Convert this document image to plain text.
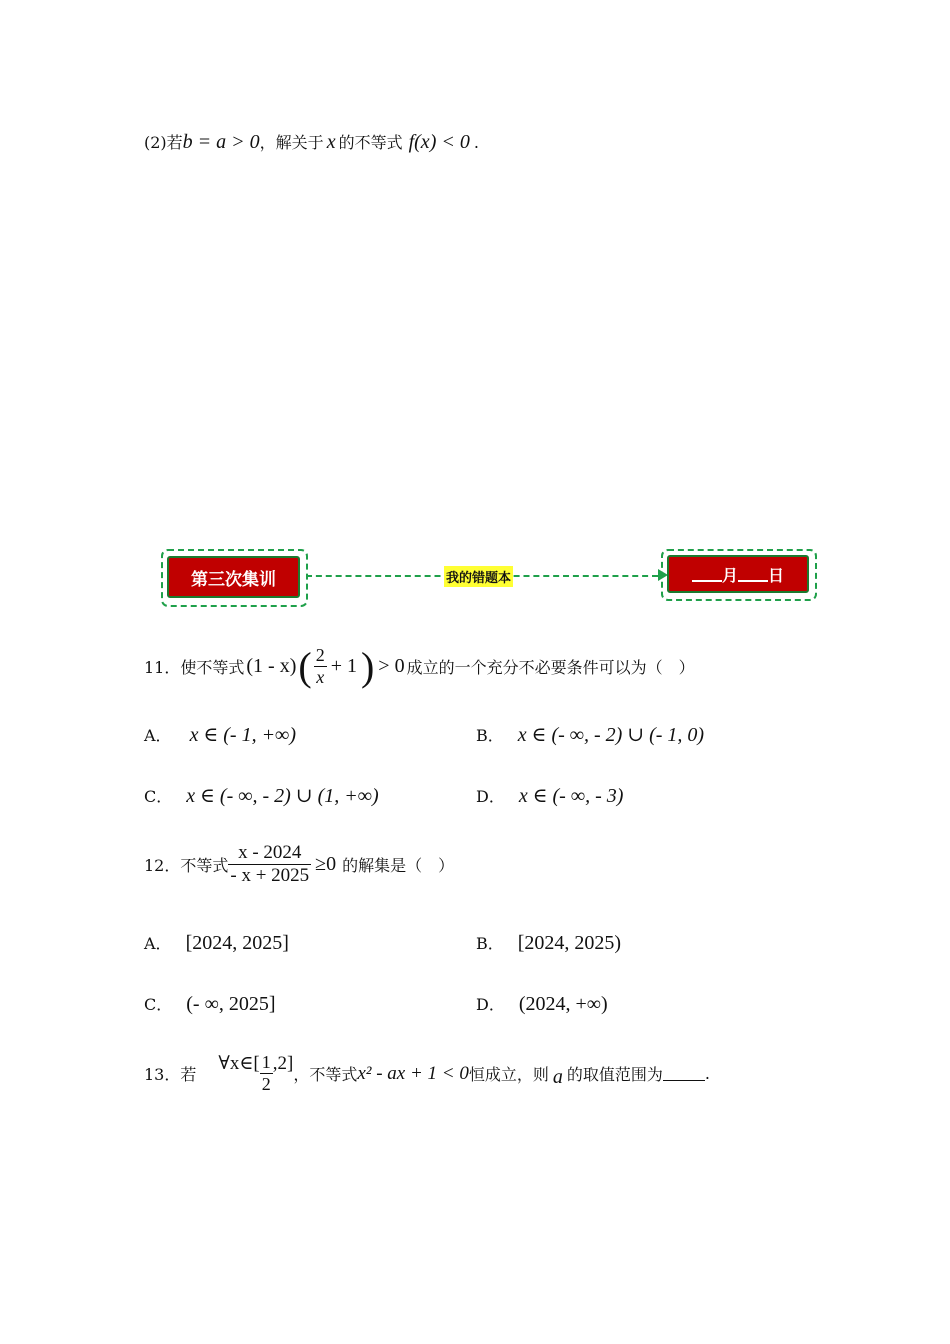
(2)若b = a > 0，解关于 x 的不等式 f(x) < 0 .
第三次集训	我的错题本	月 日
11．使不等式 (1 - x) ( $\frac{2}{x} + 1$ ) > 0 成立的一个充分不必要条件可以为（　）
A． x ∈ (- 1, +∞)	B． x ∈ (- ∞, - 2) ∪ (- 1, 0)
C． x ∈ (- ∞, - 2) ∪ (1, +∞)	D． x ∈ (- ∞, - 3)
12．不等式 $\frac{x - 2024}{- x + 2025} \ge 0$ 的解集是（　）
A． [2024, 2025]	B． [2024, 2025)
C． (- ∞, 2025]	D． (2024, +∞)
13．若
∀x∈[ $\frac{1}{2} ,2$]
，不等式 x² - ax + 1 < 0 恒成立，则 a 的取值范围为	.
